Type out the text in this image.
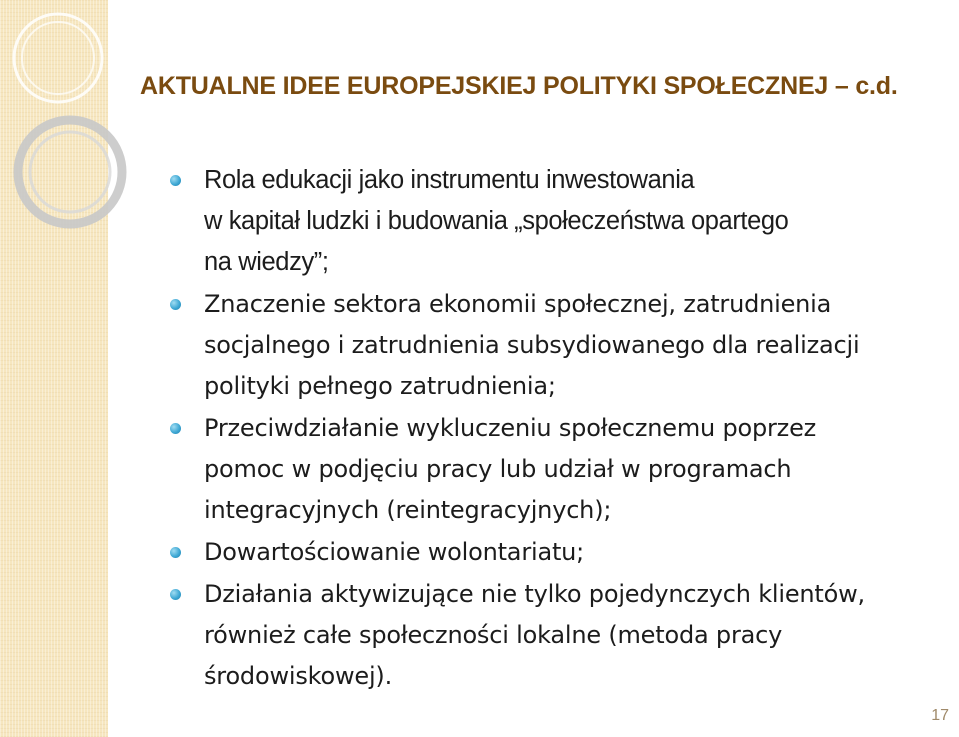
AKTUALNE IDEE EUROPEJSKIEJ POLITYKI SPOŁECZNEJ – c.d.
Rola edukacji jako instrumentu inwestowania
w kapitał ludzki i budowania „społeczeństwa opartego
na wiedzy”;
Znaczenie sektora ekonomii społecznej, zatrudnienia
socjalnego i zatrudnienia subsydiowanego dla realizacji
polityki pełnego zatrudnienia;
Przeciwdziałanie wykluczeniu społecznemu poprzez
pomoc w podjęciu pracy lub udział w programach
integracyjnych (reintegracyjnych);
Dowartościowanie wolontariatu;
Działania aktywizujące nie tylko pojedynczych klientów,
również całe społeczności lokalne (metoda pracy
środowiskowej).
17
